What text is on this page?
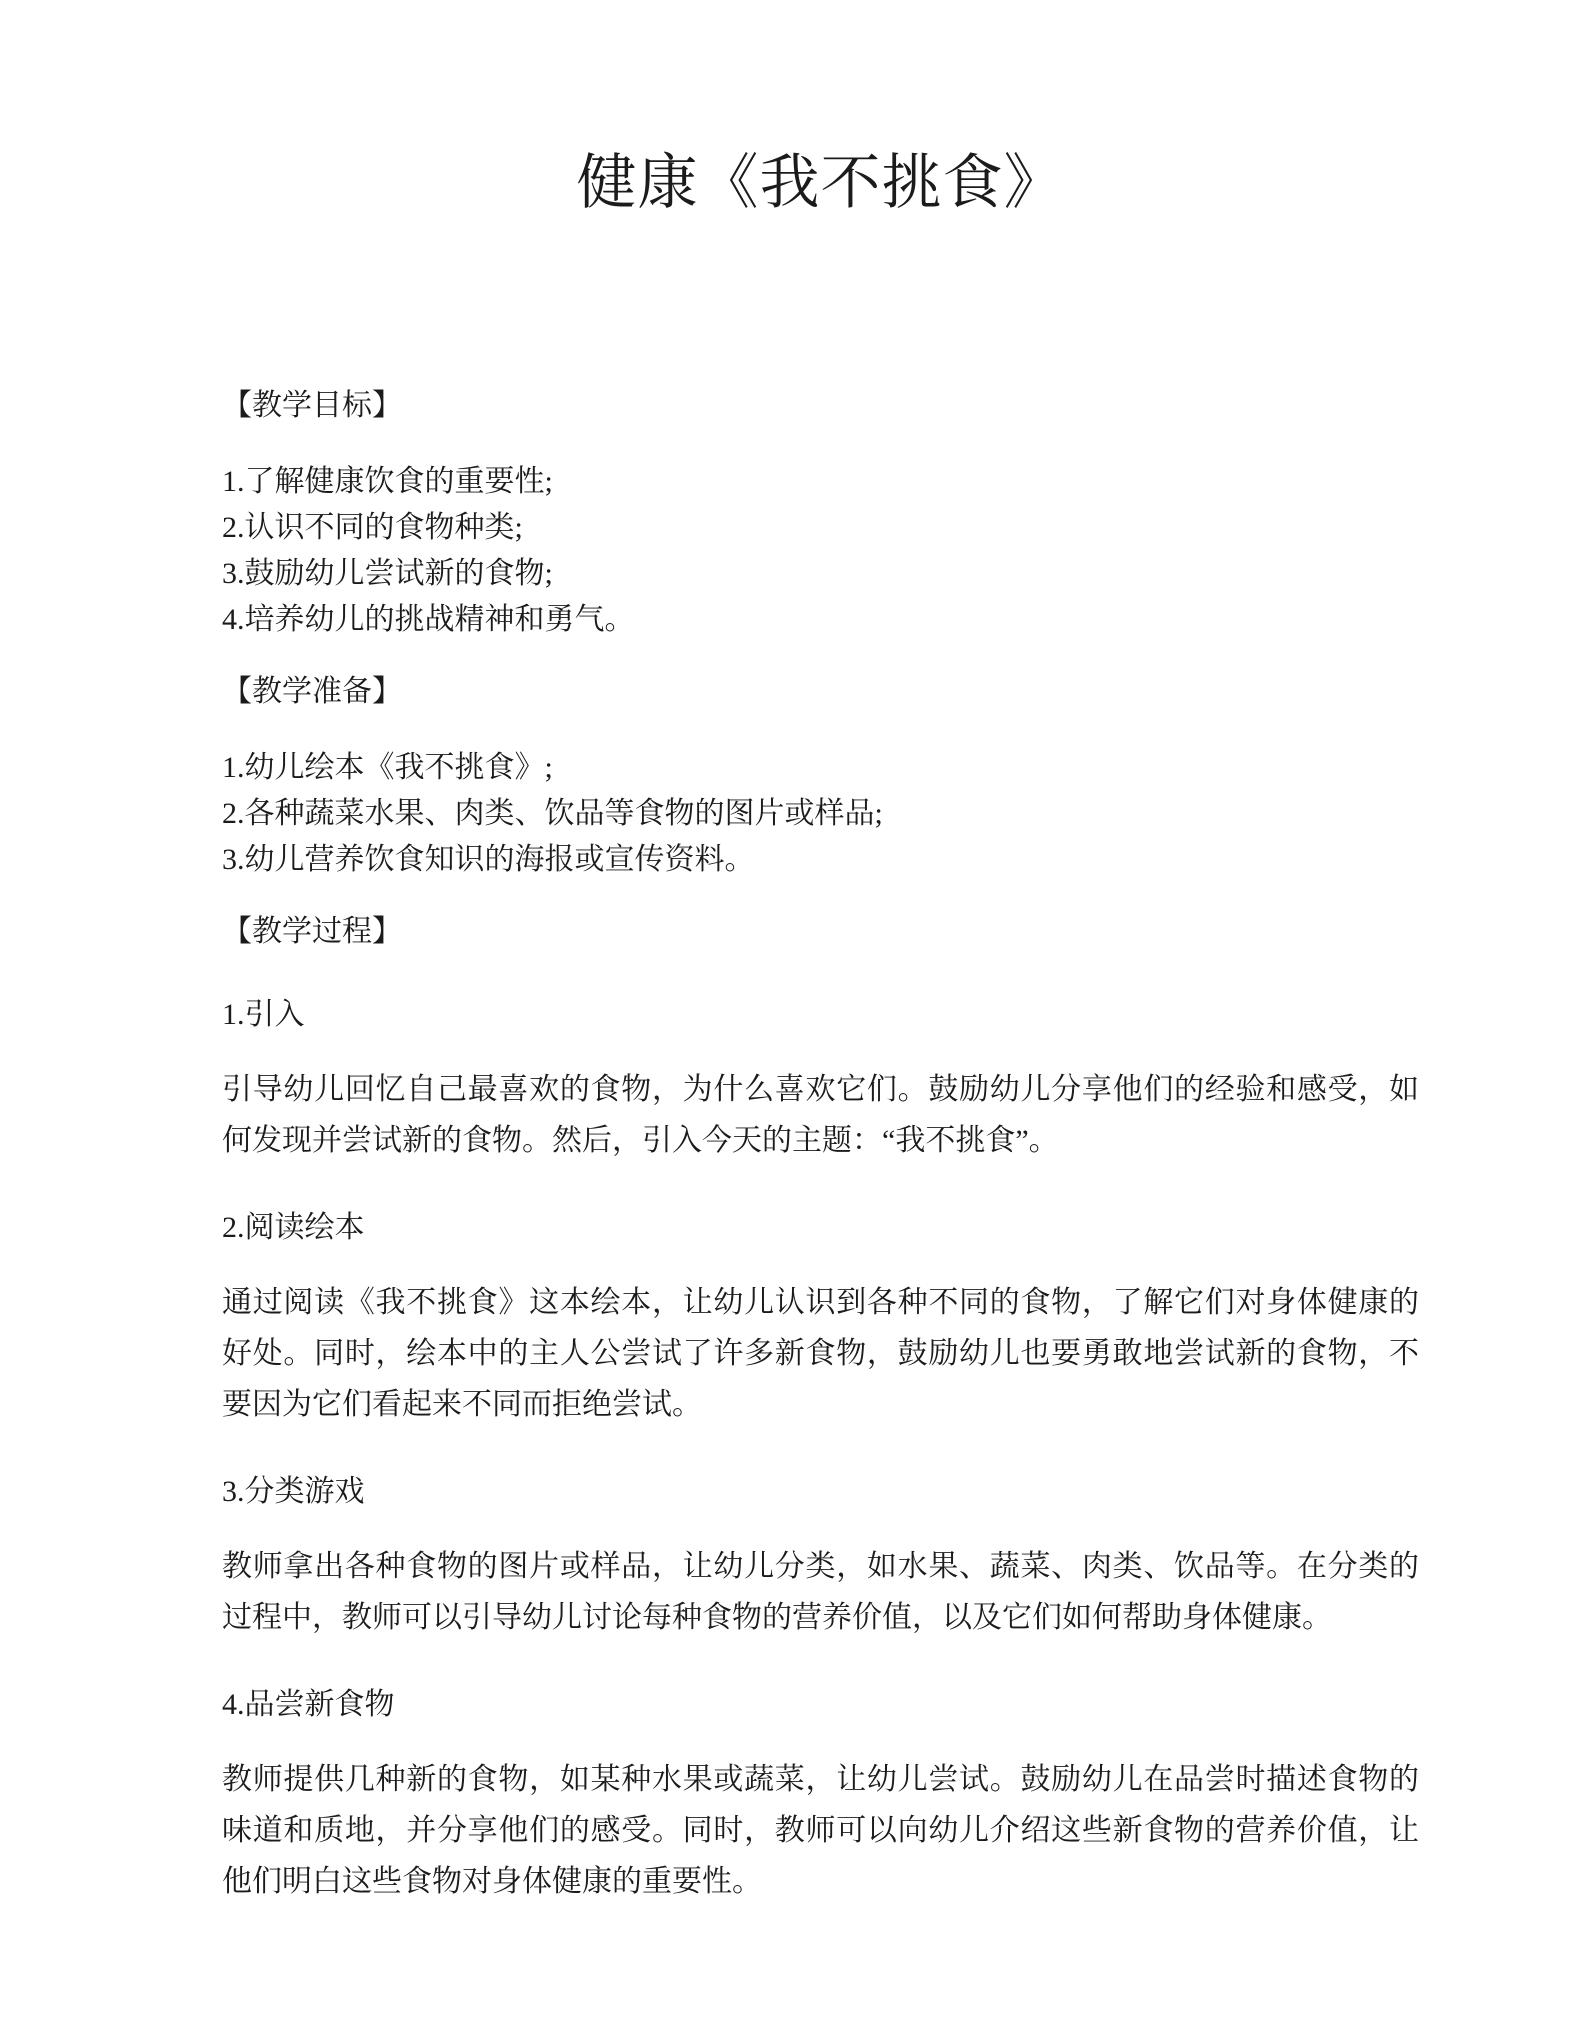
健康《我不挑食》
【教学目标】

1.了解健康饮食的重要性;

2.认识不同的食物种类;

3.鼓励幼儿尝试新的食物;

4.培养幼儿的挑战精神和勇气。

【教学准备】

1.幼儿绘本《我不挑食》;

2.各种蔬菜水果、肉类、饮品等食物的图片或样品;

3.幼儿营养饮食知识的海报或宣传资料。

【教学过程】

1.引入

引导幼儿回忆自己最喜欢的食物，为什么喜欢它们。鼓励幼儿分享他们的经验和感受，如何发现并尝试新的食物。然后，引入今天的主题：“我不挑食”。

2.阅读绘本

通过阅读《我不挑食》这本绘本，让幼儿认识到各种不同的食物，了解它们对身体健康的好处。同时，绘本中的主人公尝试了许多新食物，鼓励幼儿也要勇敢地尝试新的食物，不要因为它们看起来不同而拒绝尝试。

3.分类游戏

教师拿出各种食物的图片或样品，让幼儿分类，如水果、蔬菜、肉类、饮品等。在分类的过程中，教师可以引导幼儿讨论每种食物的营养价值，以及它们如何帮助身体健康。

4.品尝新食物

教师提供几种新的食物，如某种水果或蔬菜，让幼儿尝试。鼓励幼儿在品尝时描述食物的味道和质地，并分享他们的感受。同时，教师可以向幼儿介绍这些新食物的营养价值，让他们明白这些食物对身体健康的重要性。
